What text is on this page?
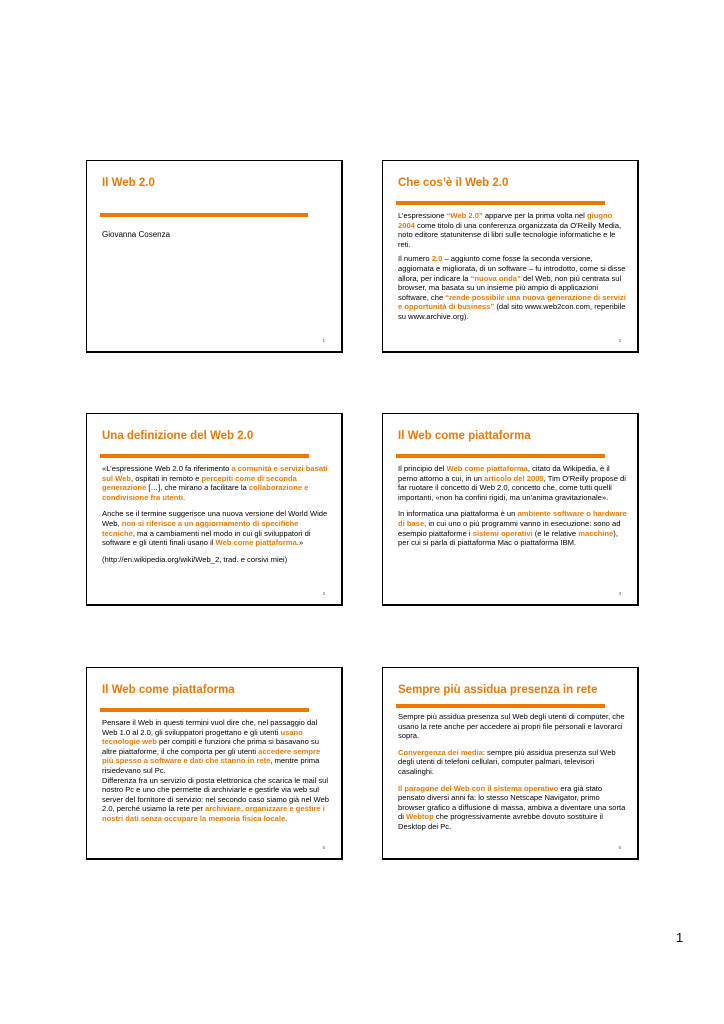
Il Web 2.0
Giovanna Cosenza
1
Che cos’è il Web 2.0

L’espressione “Web 2.0” apparve per la prima volta nel giugno 2004 come titolo di una conferenza organizzata da O'Reilly Media, noto editore statunitense di libri sulle tecnologie informatiche e le reti.

Il numero 2.0 – aggiunto come fosse la seconda versione, aggiornata e migliorata, di un software – fu introdotto, come si disse allora, per indicare la “nuova onda” del Web, non più centrata sul browser, ma basata su un insieme più ampio di applicazioni software, che “rende possibile una nuova generazione di servizi e opportunità di business” (dal sito www.web2con.com, reperibile su www.archive.org).

2
Una definizione del Web 2.0

«L’espressione Web 2.0 fa riferimento a comunità e servizi basati sul Web, ospitati in remoto e percepiti come di seconda generazione […], che mirano a facilitare la collaborazione e condivisione fra utenti.

Anche se il termine suggerisce una nuova versione del World Wide Web, non si riferisce a un aggiornamento di specifiche tecniche, ma a cambiamenti nel modo in cui gli sviluppatori di software e gli utenti finali usano il Web come piattaforma.»

(http://en.wikipedia.org/wiki/Web_2, trad. e corsivi miei)

3
Il Web come piattaforma

Il principio del Web come piattaforma, citato da Wikipedia, è il perno attorno a cui, in un articolo del 2005, Tim O’Reilly propose di far ruotare il concetto di Web 2.0, concetto che, come tutti quelli importanti, «non ha confini rigidi, ma un’anima gravitazionale».

In informatica una piattaforma è un ambiente software o hardware di base, in cui uno o più programmi vanno in esecuzione: sono ad esempio piattaforme i sistemi operativi (e le relative macchine), per cui si parla di piattaforma Mac o piattaforma IBM.

4
Il Web come piattaforma

Pensare il Web in questi termini vuol dire che, nel passaggio dal Web 1.0 al 2.0, gli sviluppatori progettano e gli utenti usano tecnologie web per compiti e funzioni che prima si basavano su altre piattaforme, il che comporta per gli utenti accedere sempre più spesso a software e dati che stanno in rete, mentre prima risiedevano sul Pc.

Differenza fra un servizio di posta elettronica che scarica le mail sul nostro Pc e uno che permette di archiviarle e gestirle via web sul server del fornitore di servizio: nel secondo caso siamo già nel Web 2.0, perché usiamo la rete per archiviare, organizzare e gestire i nostri dati senza occupare la memoria fisica locale.

5
Sempre più assidua presenza in rete

Sempre più assidua presenza sul Web degli utenti di computer, che usano la rete anche per accedere ai propri file personali e lavorarci sopra.

Convergenza dei media: sempre più assidua presenza sul Web degli utenti di telefoni cellulari, computer palmari, televisori casalinghi.

Il paragone del Web con il sistema operativo era già stato pensato diversi anni fa: lo stesso Netscape Navigator, primo browser grafico a diffusione di massa, ambiva a diventare una sorta di Webtop che progressivamente avrebbe dovuto sostituire il Desktop dei Pc.

6
1
